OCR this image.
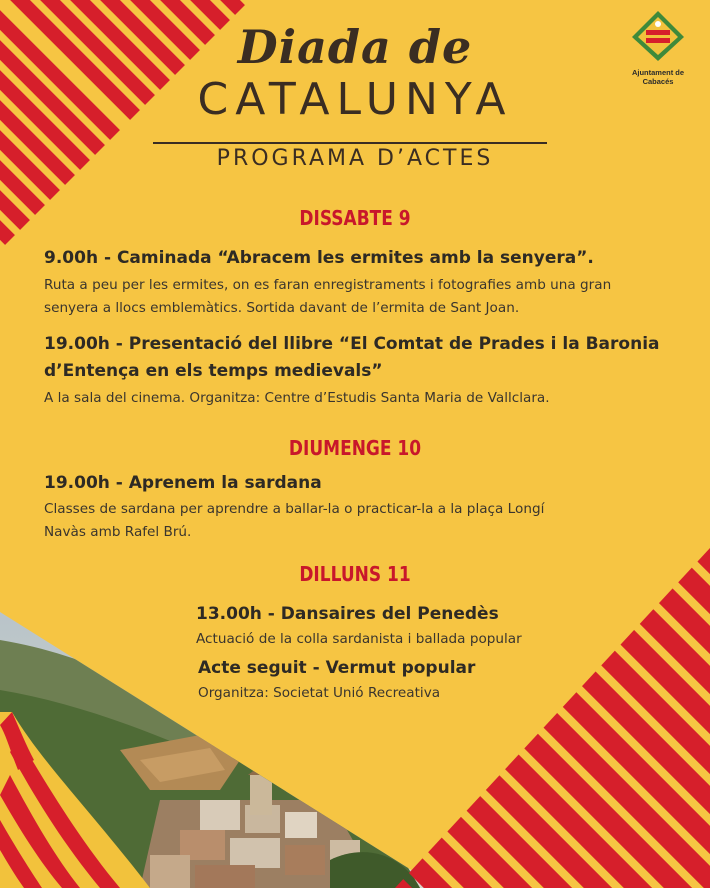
Ajuntament de
Cabacés
Diada de
CATALUNYA
PROGRAMA D’ACTES
DISSABTE 9
9.00h - Caminada “Abracem les ermites amb la senyera”.
Ruta a peu per les ermites, on es faran enregistraments i fotografies amb una gran
senyera a llocs emblemàtics. Sortida davant de l’ermita de Sant Joan.
19.00h - Presentació del llibre “El Comtat de Prades i la Baronia
d’Entença en els temps medievals”
A la sala del cinema. Organitza: Centre d’Estudis Santa Maria de Vallclara.
DIUMENGE 10
19.00h - Aprenem la sardana
Classes de sardana per aprendre a ballar-la o practicar-la a la plaça Longí
Navàs amb Rafel Brú.
DILLUNS 11
13.00h - Dansaires del Penedès
Actuació de la colla sardanista i ballada popular
Acte seguit - Vermut popular
Organitza: Societat Unió Recreativa
